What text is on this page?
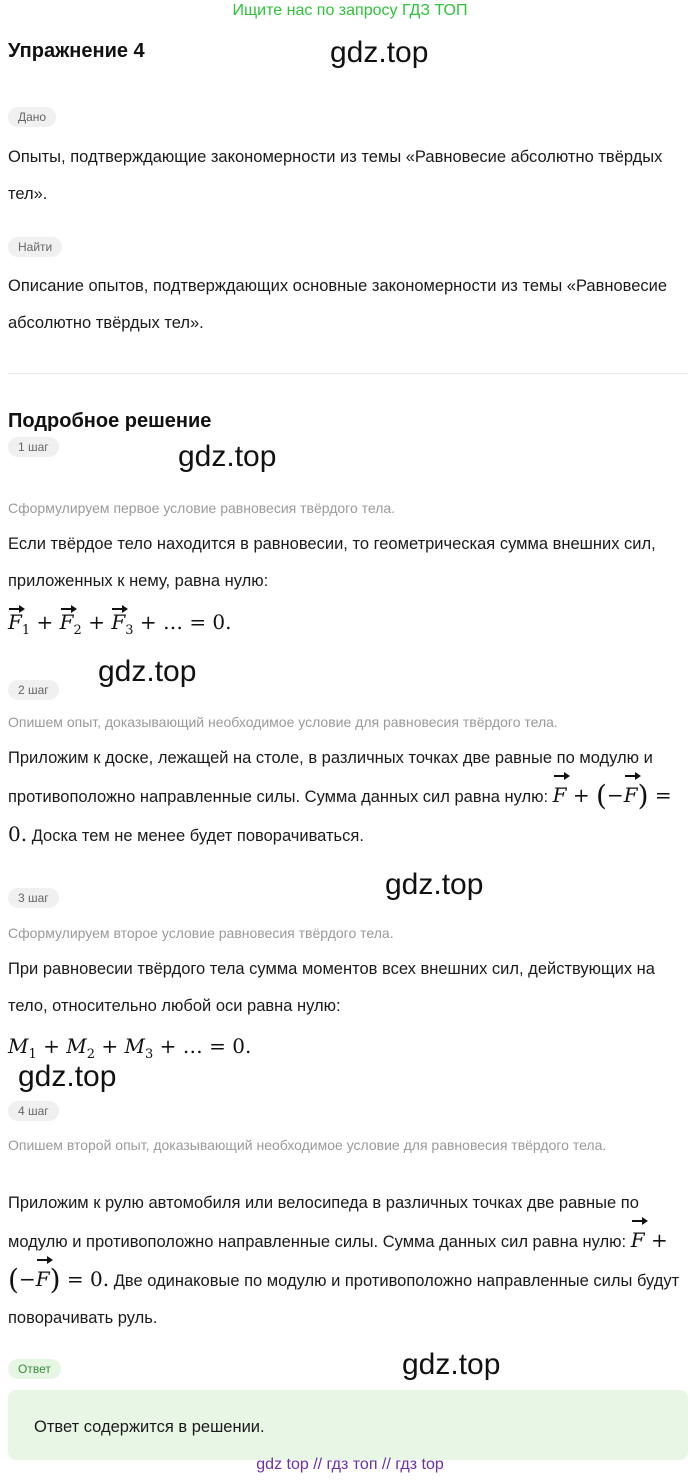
Ищите нас по запросу ГДЗ ТОП
Упражнение 4	gdz.top
Дано
Опыты, подтверждающие закономерности из темы «Равновесие абсолютно твёрдых тел».
Найти
Описание опытов, подтверждающих основные закономерности из темы «Равновесие абсолютно твёрдых тел».
Подробное решение
gdz.top
1 шаг
Сформулируем первое условие равновесия твёрдого тела.
Если твёрдое тело находится в равновесии, то геометрическая сумма внешних сил, приложенных к нему, равна нулю:
$F_1 + F_2 + F_3$ + … = 0.
gdz.top
2 шаг
Опишем опыт, доказывающий необходимое условие для равновесия твёрдого тела.
Приложим к доске, лежащей на столе, в различных точках две равные по модулю и противоположно направленные силы. Сумма данных сил равна нулю: F + (−F) = 0. Доска тем не менее будет поворачиваться.
gdz.top
3 шаг
Сформулируем второе условие равновесия твёрдого тела.
При равновесии твёрдого тела сумма моментов всех внешних сил, действующих на тело, относительно любой оси равна нулю:
$M_1 + M_2 + M_3$ + … = 0.
gdz.top
4 шаг
Опишем второй опыт, доказывающий необходимое условие для равновесия твёрдого тела.
Приложим к рулю автомобиля или велосипеда в различных точках две равные по модулю и противоположно направленные силы. Сумма данных сил равна нулю: F + (−F) = 0. Две одинаковые по модулю и противоположно направленные силы будут поворачивать руль.
Ответ	gdz.top
Ответ содержится в решении.
gdz top // гдз топ // гдз top
